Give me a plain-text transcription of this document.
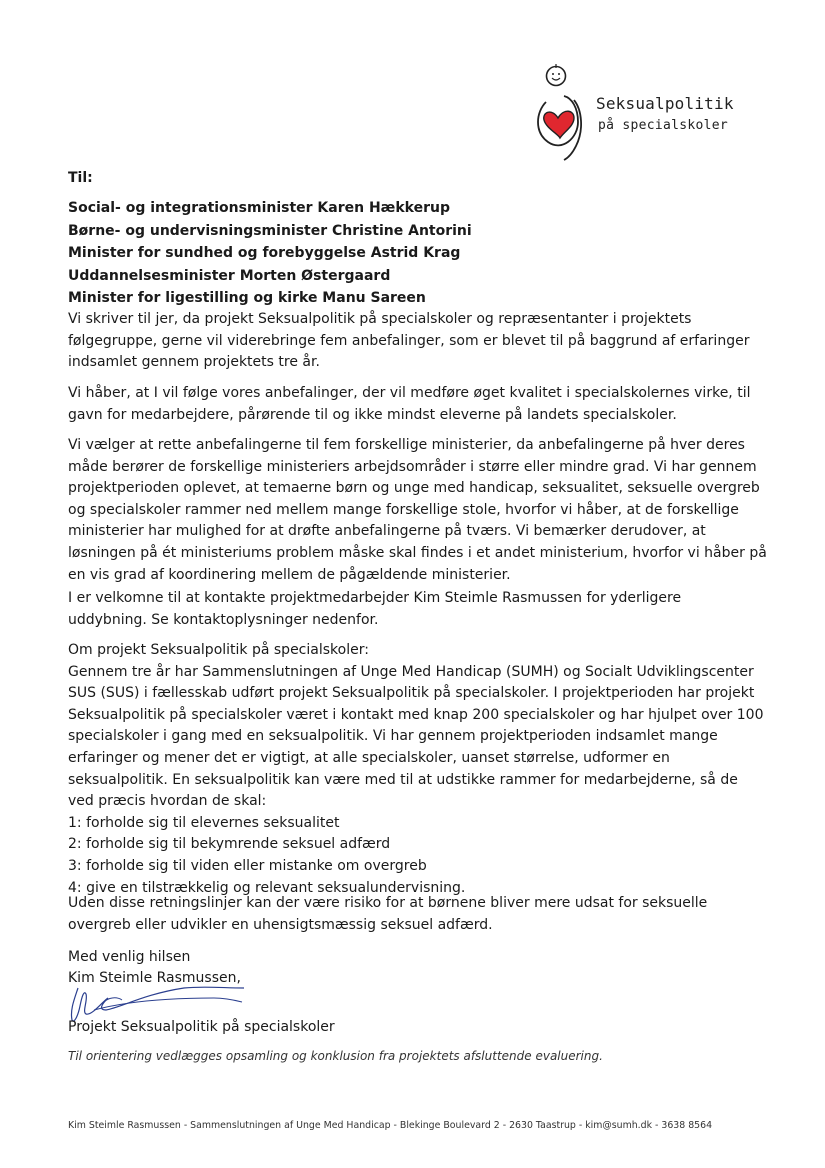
Seksualpolitik
på specialskoler
Til:
Social- og integrationsminister Karen Hækkerup
Børne- og undervisningsminister Christine Antorini
Minister for sundhed og forebyggelse Astrid Krag
Uddannelsesminister Morten Østergaard
Minister for ligestilling og kirke Manu Sareen
Vi skriver til jer, da projekt Seksualpolitik på specialskoler og repræsentanter i projektets
følgegruppe, gerne vil viderebringe fem anbefalinger, som er blevet til på baggrund af erfaringer
indsamlet gennem projektets tre år.
Vi håber, at I vil følge vores anbefalinger, der vil medføre øget kvalitet i specialskolernes virke, til
gavn for medarbejdere, pårørende til og ikke mindst eleverne på landets specialskoler.
Vi vælger at rette anbefalingerne til fem forskellige ministerier, da anbefalingerne på hver deres
måde berører de forskellige ministeriers arbejdsområder i større eller mindre grad. Vi har gennem
projektperioden oplevet, at temaerne børn og unge med handicap, seksualitet, seksuelle overgreb
og specialskoler rammer ned mellem mange forskellige stole, hvorfor vi håber, at de forskellige
ministerier har mulighed for at drøfte anbefalingerne på tværs. Vi bemærker derudover, at
løsningen på ét ministeriums problem måske skal findes i et andet ministerium, hvorfor vi håber på
en vis grad af koordinering mellem de pågældende ministerier.
I er velkomne til at kontakte projektmedarbejder Kim Steimle Rasmussen for yderligere
uddybning. Se kontaktoplysninger nedenfor.
Om projekt Seksualpolitik på specialskoler:
Gennem tre år har Sammenslutningen af Unge Med Handicap (SUMH) og Socialt Udviklingscenter
SUS (SUS) i fællesskab udført projekt Seksualpolitik på specialskoler. I projektperioden har projekt
Seksualpolitik på specialskoler været i kontakt med knap 200 specialskoler og har hjulpet over 100
specialskoler i gang med en seksualpolitik. Vi har gennem projektperioden indsamlet mange
erfaringer og mener det er vigtigt, at alle specialskoler, uanset størrelse, udformer en
seksualpolitik. En seksualpolitik kan være med til at udstikke rammer for medarbejderne, så de
ved præcis hvordan de skal:
1: forholde sig til elevernes seksualitet
2: forholde sig til bekymrende seksuel adfærd
3: forholde sig til viden eller mistanke om overgreb
4: give en tilstrækkelig og relevant seksualundervisning.
Uden disse retningslinjer kan der være risiko for at børnene bliver mere udsat for seksuelle
overgreb eller udvikler en uhensigtsmæssig seksuel adfærd.
Med venlig hilsen
Kim Steimle Rasmussen,
Projekt Seksualpolitik på specialskoler
Til orientering vedlægges opsamling og konklusion fra projektets afsluttende evaluering.
Kim Steimle Rasmussen - Sammenslutningen af Unge Med Handicap - Blekinge Boulevard 2 - 2630 Taastrup - kim@sumh.dk - 3638 8564
